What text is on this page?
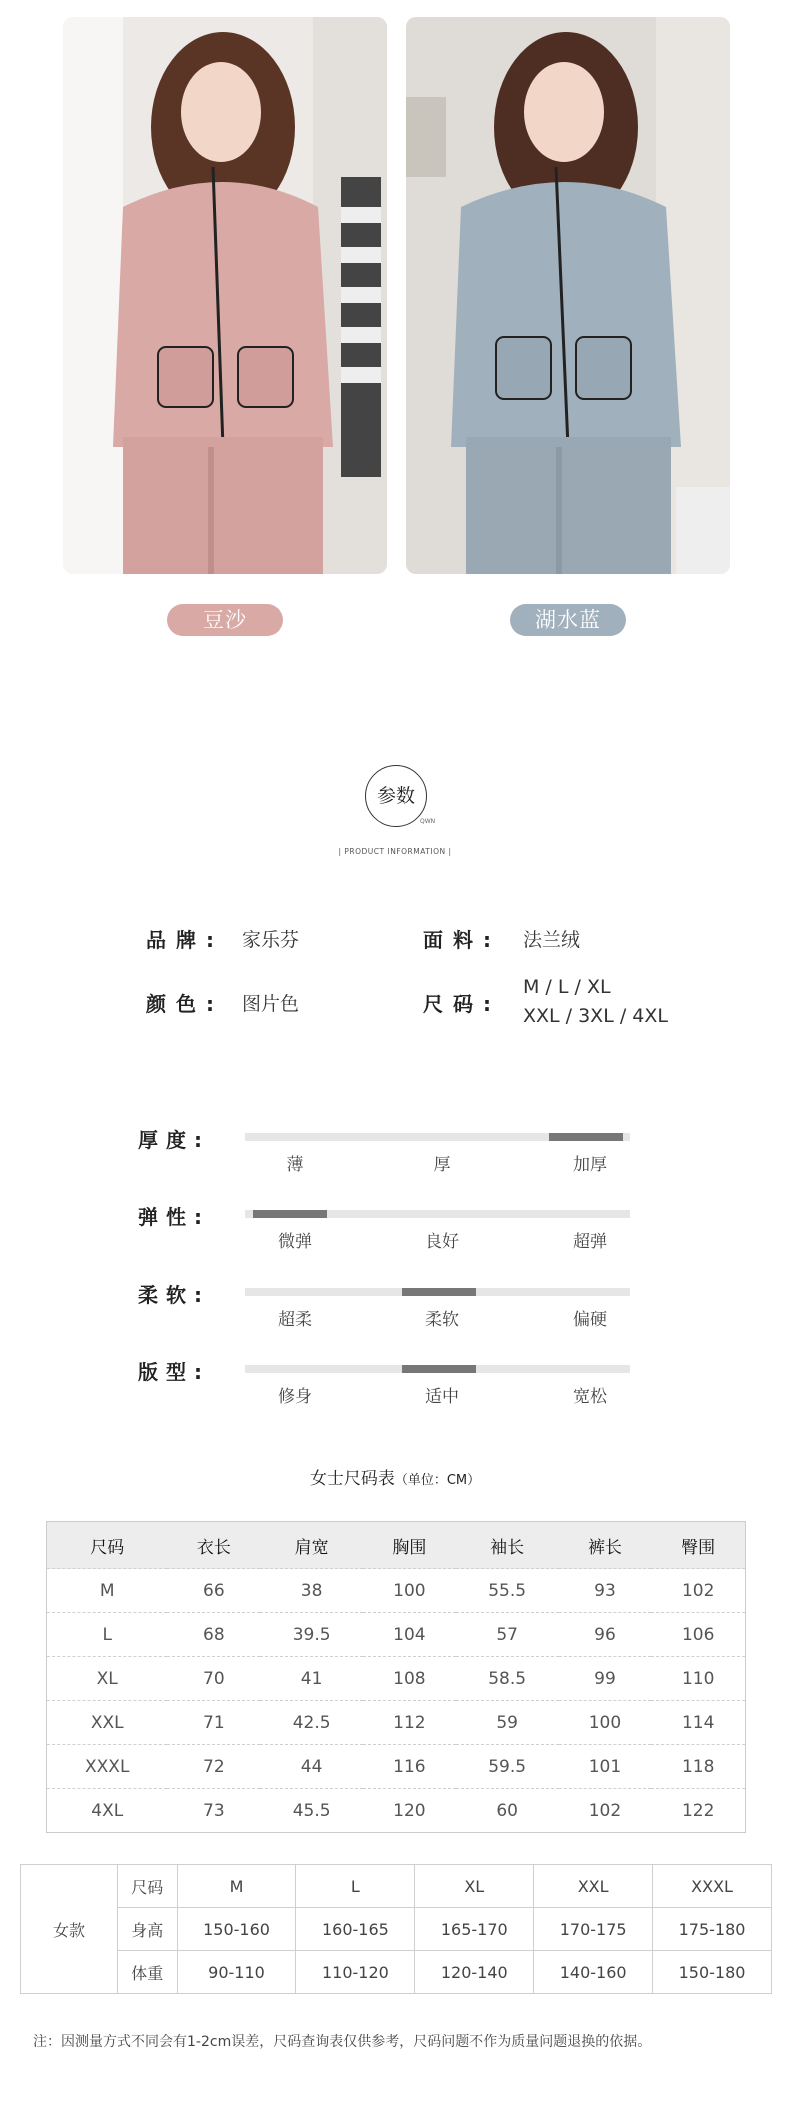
豆沙	湖水蓝
参数
QWN
| PRODUCT INFORMATION |
品牌: 家乐芬	面料: 法兰绒
颜色: 图片色	尺码:
M / L / XL
XXL / 3XL / 4XL
厚度:
薄	厚	加厚
弹性:
微弹	良好	超弹
柔软:
超柔	柔软	偏硬
版型:
修身	适中	宽松
女士尺码表（单位：CM）
尺码	衣长	肩宽	胸围	袖长	裤长	臀围
M	66	38	100	55.5	93	102
L	68	39.5	104	57	96	106
XL	70	41	108	58.5	99	110
XXL	71	42.5	112	59	100	114
XXXL	72	44	116	59.5	101	118
4XL	73	45.5	120	60	102	122
女款	尺码	M	L	XL	XXL	XXXL
	身高	150-160	160-165	165-170	170-175	175-180
	体重	90-110	110-120	120-140	140-160	150-180
注：因测量方式不同会有1-2cm误差，尺码查询表仅供参考，尺码问题不作为质量问题退换的依据。
